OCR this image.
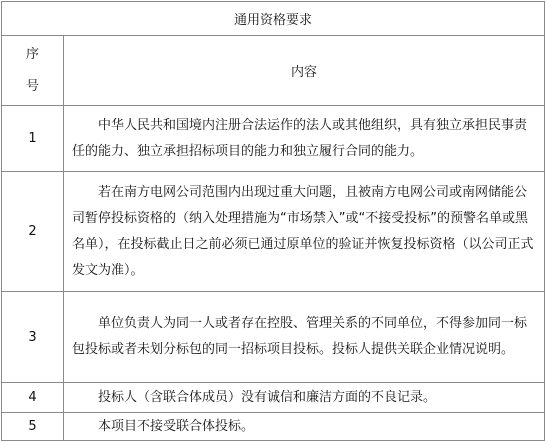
通用资格要求	

序
号	内容
1	中华人民共和国境内注册合法运作的法人或其他组织，具有独立承担民事责任的能力、独立承担招标项目的能力和独立履行合同的能力。

2	若在南方电网公司范围内出现过重大问题，且被南方电网公司或南网储能公司暂停投标资格的（纳入处理措施为“市场禁入”或“不接受投标”的预警名单或黑名单），在投标截止日之前必须已通过原单位的验证并恢复投标资格（以公司正式发文为准）。

3	单位负责人为同一人或者存在控股、管理关系的不同单位，不得参加同一标包投标或者未划分标包的同一招标项目投标。投标人提供关联企业情况说明。

4	投标人（含联合体成员）没有诚信和廉洁方面的不良记录。

5	本项目不接受联合体投标。
